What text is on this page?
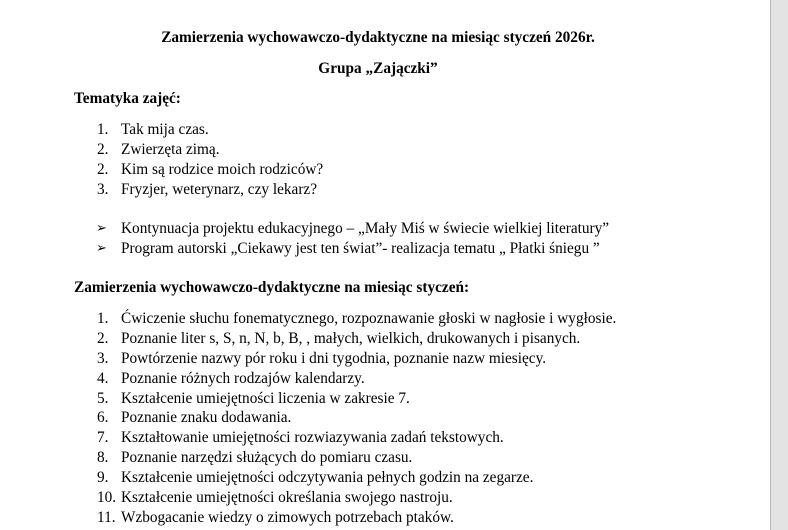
Zamierzenia wychowawczo-dydaktyczne na miesiąc styczeń 2026r.
Grupa „Zajączki”
Tematyka zajęć:
1. Tak mija czas.
2. Zwierzęta zimą.
2. Kim są rodzice moich rodziców?
3. Fryzjer, weterynarz, czy lekarz?
➢ Kontynuacja projektu edukacyjnego – „Mały Miś w świecie wielkiej literatury”
➢ Program autorski „Ciekawy jest ten świat”- realizacja tematu „ Płatki śniegu ”
Zamierzenia wychowawczo-dydaktyczne na miesiąc styczeń:
1. Ćwiczenie słuchu fonematycznego, rozpoznawanie głoski w nagłosie i wygłosie.
2. Poznanie liter s, S, n, N, b, B, , małych, wielkich, drukowanych i pisanych.
3. Powtórzenie nazwy pór roku i dni tygodnia, poznanie nazw miesięcy.
4. Poznanie różnych rodzajów kalendarzy.
5. Kształcenie umiejętności liczenia w zakresie 7.
6. Poznanie znaku dodawania.
7. Kształtowanie umiejętności rozwiazywania zadań tekstowych.
8. Poznanie narzędzi służących do pomiaru czasu.
9. Kształcenie umiejętności odczytywania pełnych godzin na zegarze.
10. Kształcenie umiejętności określania swojego nastroju.
11. Wzbogacanie wiedzy o zimowych potrzebach ptaków.
